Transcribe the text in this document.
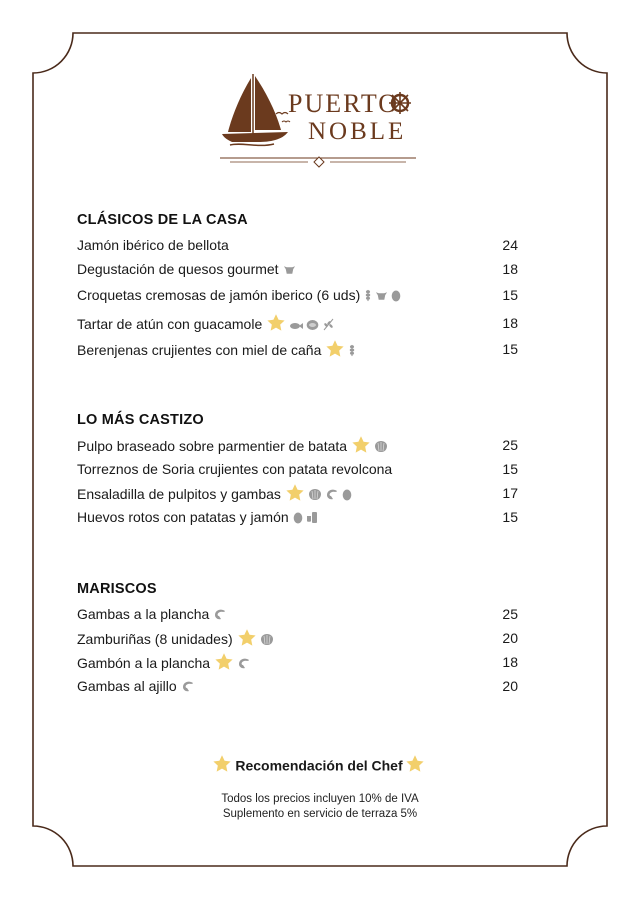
PUERTO
NOBLE
CLÁSICOS DE LA CASA
LO MÁS CASTIZO
MARISCOS
Jamón ibérico de bellota	24
Degustación de quesos gourmet	18
Croquetas cremosas de jamón iberico (6 uds)	15
Tartar de atún con guacamole	18
Berenjenas crujientes con miel de caña	15
Pulpo braseado sobre parmentier de batata	25
Torreznos de Soria crujientes con patata revolcona	15
Ensaladilla de pulpitos y gambas	17
Huevos rotos con patatas y jamón	15
Gambas a la plancha	25
Zamburiñas (8 unidades)	20
Gambón a la plancha	18
Gambas al ajillo	20
Recomendación del Chef
Todos los precios incluyen 10% de IVA
Suplemento en servicio de terraza 5%
